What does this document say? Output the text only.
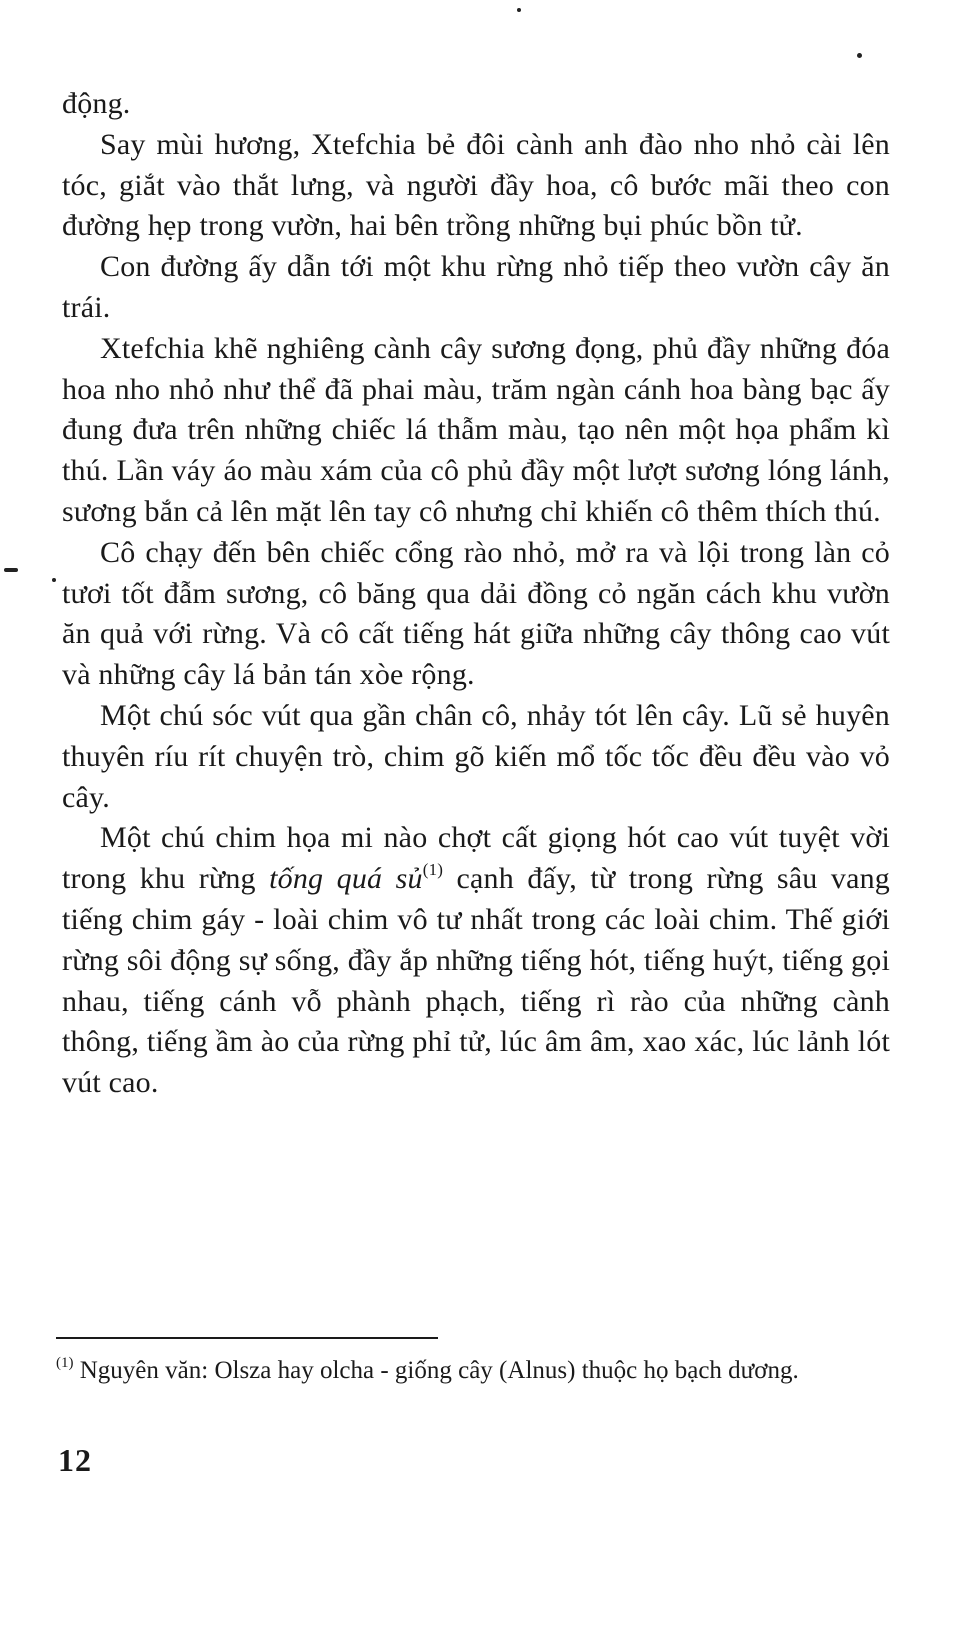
động.

Say mùi hương, Xtefchia bẻ đôi cành anh đào nho nhỏ cài lên tóc, giắt vào thắt lưng, và người đầy hoa, cô bước mãi theo con đường hẹp trong vườn, hai bên trồng những bụi phúc bồn tử.

Con đường ấy dẫn tới một khu rừng nhỏ tiếp theo vườn cây ăn trái.

Xtefchia khẽ nghiêng cành cây sương đọng, phủ đầy những đóa hoa nho nhỏ như thể đã phai màu, trăm ngàn cánh hoa bàng bạc ấy đung đưa trên những chiếc lá thẫm màu, tạo nên một họa phẩm kì thú. Lần váy áo màu xám của cô phủ đầy một lượt sương lóng lánh, sương bắn cả lên mặt lên tay cô nhưng chỉ khiến cô thêm thích thú.

Cô chạy đến bên chiếc cổng rào nhỏ, mở ra và lội trong làn cỏ tươi tốt đẫm sương, cô băng qua dải đồng cỏ ngăn cách khu vườn ăn quả với rừng. Và cô cất tiếng hát giữa những cây thông cao vút và những cây lá bản tán xòe rộng.

Một chú sóc vút qua gần chân cô, nhảy tót lên cây. Lũ sẻ huyên thuyên ríu rít chuyện trò, chim gõ kiến mổ tốc tốc đều đều vào vỏ cây.

Một chú chim họa mi nào chợt cất giọng hót cao vút tuyệt vời trong khu rừng tống quá sủ$^{(1)}$ cạnh đấy, từ trong rừng sâu vang tiếng chim gáy - loài chim vô tư nhất trong các loài chim. Thế giới rừng sôi động sự sống, đầy ắp những tiếng hót, tiếng huýt, tiếng gọi nhau, tiếng cánh vỗ phành phạch, tiếng rì rào của những cành thông, tiếng ầm ào của rừng phỉ tử, lúc âm âm, xao xác, lúc lảnh lót vút cao.

$^{(1)}$ Nguyên văn: Olsza hay olcha - giống cây (Alnus) thuộc họ bạch dương.
12
